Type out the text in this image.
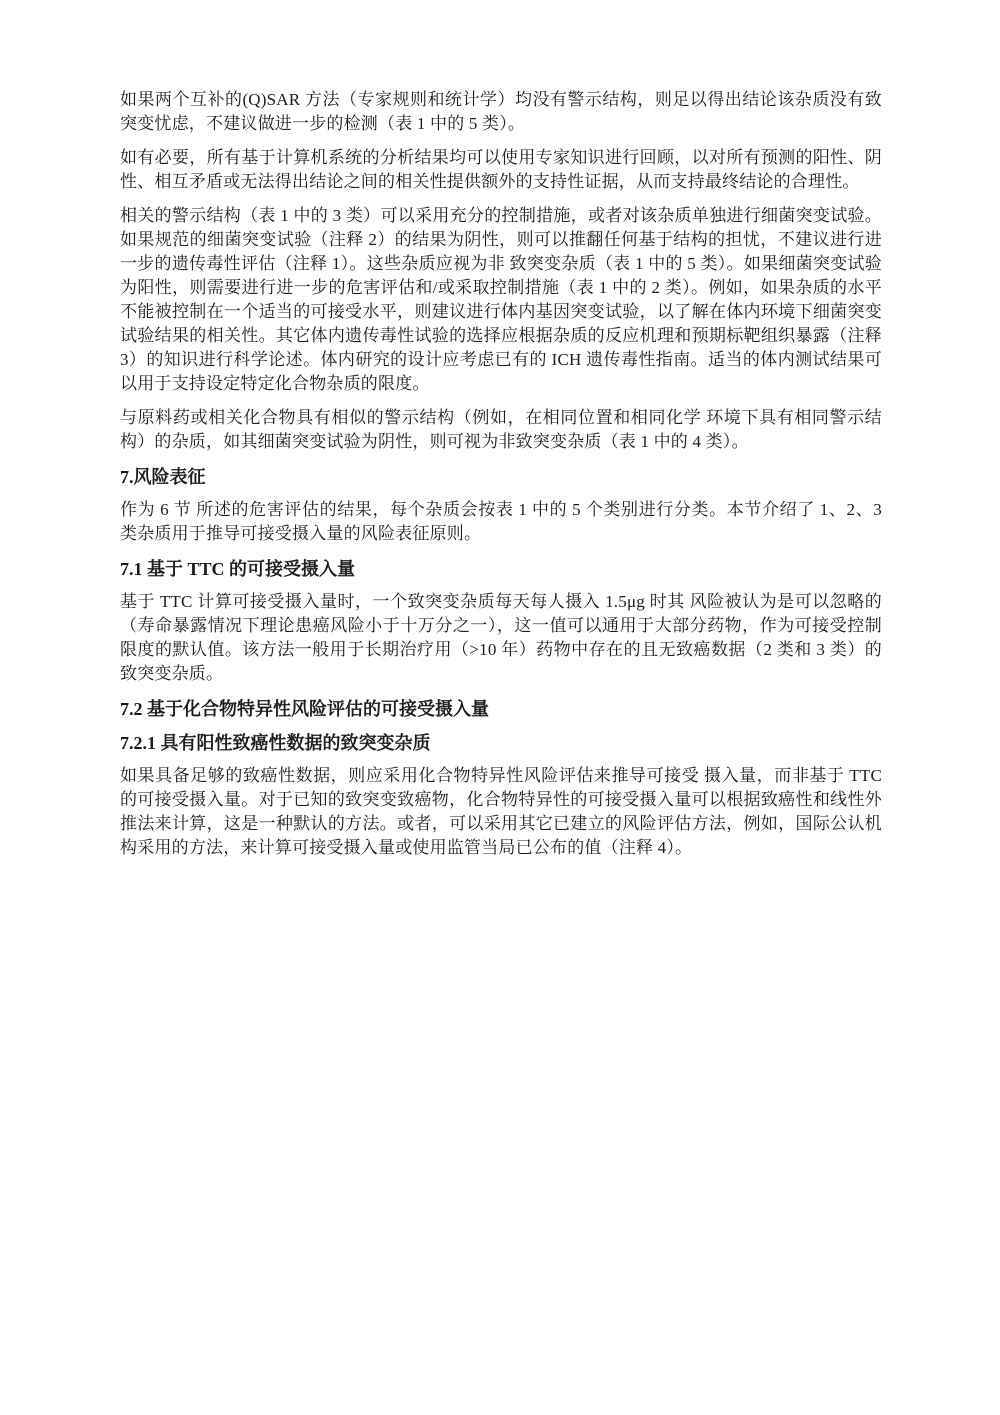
如果两个互补的(Q)SAR 方法（专家规则和统计学）均没有警示结构，则足以得出结论该杂质没有致突变忧虑，不建议做进一步的检测（表 1 中的 5 类）。

如有必要，所有基于计算机系统的分析结果均可以使用专家知识进行回顾，以对所有预测的阳性、阴性、相互矛盾或无法得出结论之间的相关性提供额外的支持性证据，从而支持最终结论的合理性。

相关的警示结构（表 1 中的 3 类）可以采用充分的控制措施，或者对该杂质单独进行细菌突变试验。如果规范的细菌突变试验（注释 2）的结果为阴性，则可以推翻任何基于结构的担忧，不建议进行进一步的遗传毒性评估（注释 1）。这些杂质应视为非 致突变杂质（表 1 中的 5 类）。如果细菌突变试验为阳性，则需要进行进一步的危害评估和/或采取控制措施（表 1 中的 2 类）。例如，如果杂质的水平不能被控制在一个适当的可接受水平，则建议进行体内基因突变试验，以了解在体内环境下细菌突变试验结果的相关性。其它体内遗传毒性试验的选择应根据杂质的反应机理和预期标靶组织暴露（注释 3）的知识进行科学论述。体内研究的设计应考虑已有的 ICH 遗传毒性指南。适当的体内测试结果可以用于支持设定特定化合物杂质的限度。

与原料药或相关化合物具有相似的警示结构（例如，在相同位置和相同化学 环境下具有相同警示结构）的杂质，如其细菌突变试验为阴性，则可视为非致突变杂质（表 1 中的 4 类）。

7.风险表征

作为 6 节 所述的危害评估的结果，每个杂质会按表 1 中的 5 个类别进行分类。本节介绍了 1、2、3 类杂质用于推导可接受摄入量的风险表征原则。

7.1 基于 TTC 的可接受摄入量

基于 TTC 计算可接受摄入量时，一个致突变杂质每天每人摄入 1.5μg 时其 风险被认为是可以忽略的（寿命暴露情况下理论患癌风险小于十万分之一），这一值可以通用于大部分药物，作为可接受控制限度的默认值。该方法一般用于长期治疗用（>10 年）药物中存在的且无致癌数据（2 类和 3 类）的致突变杂质。

7.2 基于化合物特异性风险评估的可接受摄入量
7.2.1 具有阳性致癌性数据的致突变杂质

如果具备足够的致癌性数据，则应采用化合物特异性风险评估来推导可接受 摄入量，而非基于 TTC 的可接受摄入量。对于已知的致突变致癌物，化合物特异性的可接受摄入量可以根据致癌性和线性外推法来计算，这是一种默认的方法。或者，可以采用其它已建立的风险评估方法，例如，国际公认机构采用的方法，来计算可接受摄入量或使用监管当局已公布的值（注释 4）。
